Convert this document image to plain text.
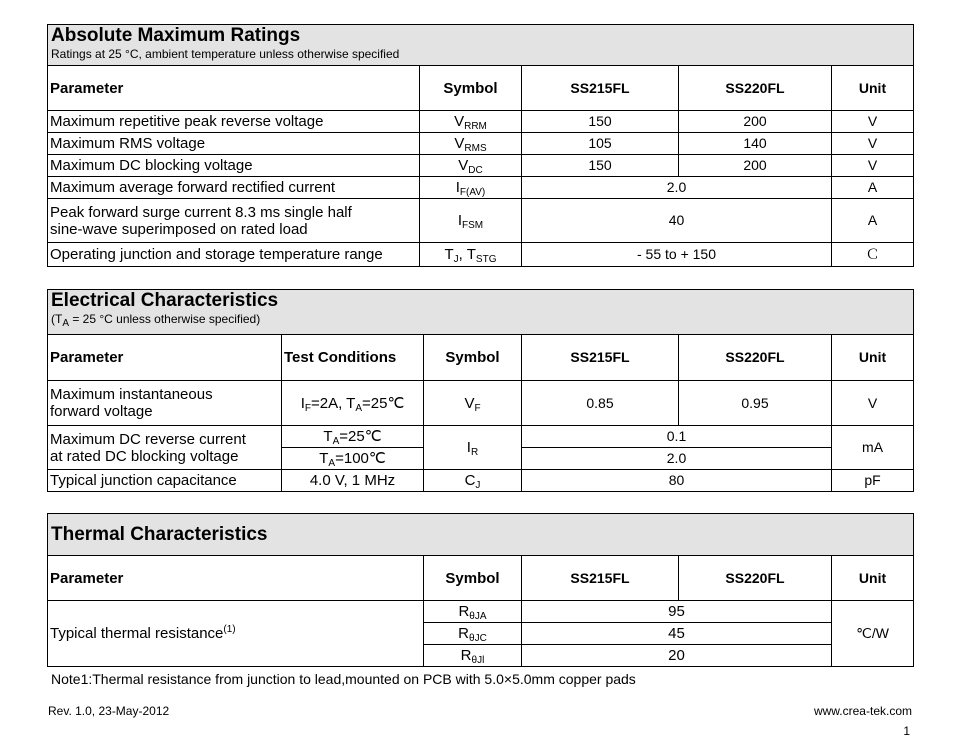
Absolute Maximum Ratings
Ratings at 25 °C, ambient temperature unless otherwise specified				

Parameter	Symbol	SS215FL	SS220FL	Unit
Maximum repetitive peak reverse voltage	$V_{RRM}$	150	200	V
Maximum RMS voltage	$V_{RMS}$	105	140	V
Maximum DC blocking voltage	$V_{DC}$	150	200	V
Maximum average forward rectified current	$I_{F(AV)}$	2.0		A
Peak forward surge current 8.3 ms single half
sine-wave superimposed on rated load	$I_{FSM}$	40		A
Operating junction and storage temperature range	$T_J$, $T_{STG}$	- 55 to + 150		Ｃ
Electrical Characteristics
($T_A = 25$ °C unless otherwise specified)					

Parameter	Test Conditions	Symbol	SS215FL	SS220FL	Unit
Maximum instantaneous
forward voltage	$I_F=2A$, $T_A=25℃$	$V_F$	0.85	0.95	V
Maximum DC reverse current
at rated DC blocking voltage	$T_A=25℃$	$I_R$	0.1		mA
	$T_A=100℃$		2.0		
Typical junction capacitance	4.0 V, 1 MHz	$C_J$	80		pF
Thermal Characteristics				

Parameter	Symbol	SS215FL	SS220FL	Unit
Typical thermal resistance$^{(1)}$	$R_{\theta JA}$	95		℃/W
	$R_{\theta JC}$	45		
	$R_{\theta Jl}$	20		
Note1:Thermal resistance from junction to lead,mounted on PCB with 5.0×5.0mm copper pads
Rev. 1.0, 23-May-2012	www.crea-tek.com
1
